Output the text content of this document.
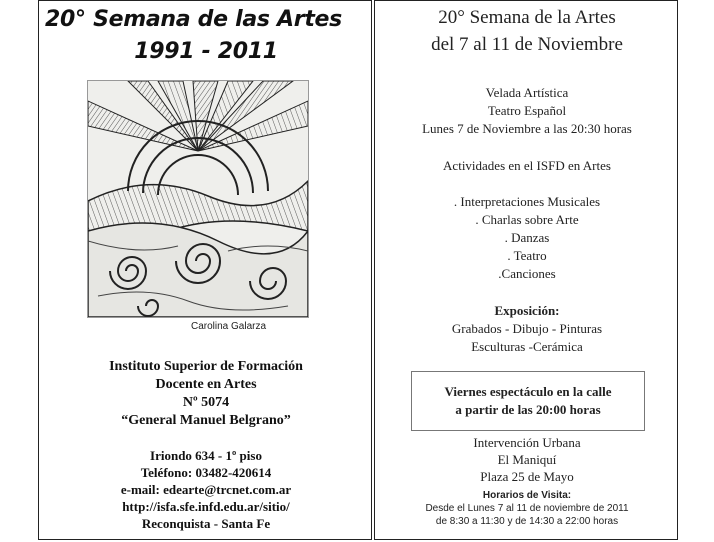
20° Semana de las Artes
1991 - 2011
Carolina Galarza
Instituto Superior de Formación
Docente en Artes
Nº 5074
“General Manuel Belgrano”
Iriondo 634 - 1º piso
Teléfono: 03482-420614
e-mail: edearte@trcnet.com.ar
http://isfa.sfe.infd.edu.ar/sitio/
Reconquista - Santa Fe
20° Semana de la Artes
del 7 al 11 de Noviembre
Velada Artística
Teatro Español
Lunes 7 de Noviembre a las 20:30 horas
Actividades en el ISFD en Artes
. Interpretaciones Musicales
. Charlas sobre Arte
. Danzas
. Teatro
.Canciones
Exposición:
Grabados - Dibujo - Pinturas
Esculturas -Cerámica
Viernes espectáculo en la calle
a partir de las 20:00 horas
Intervención Urbana
El Maniquí
Plaza 25 de Mayo
Horarios de Visita:
Desde el Lunes 7 al 11 de noviembre de 2011
de 8:30 a 11:30 y de 14:30 a 22:00 horas
